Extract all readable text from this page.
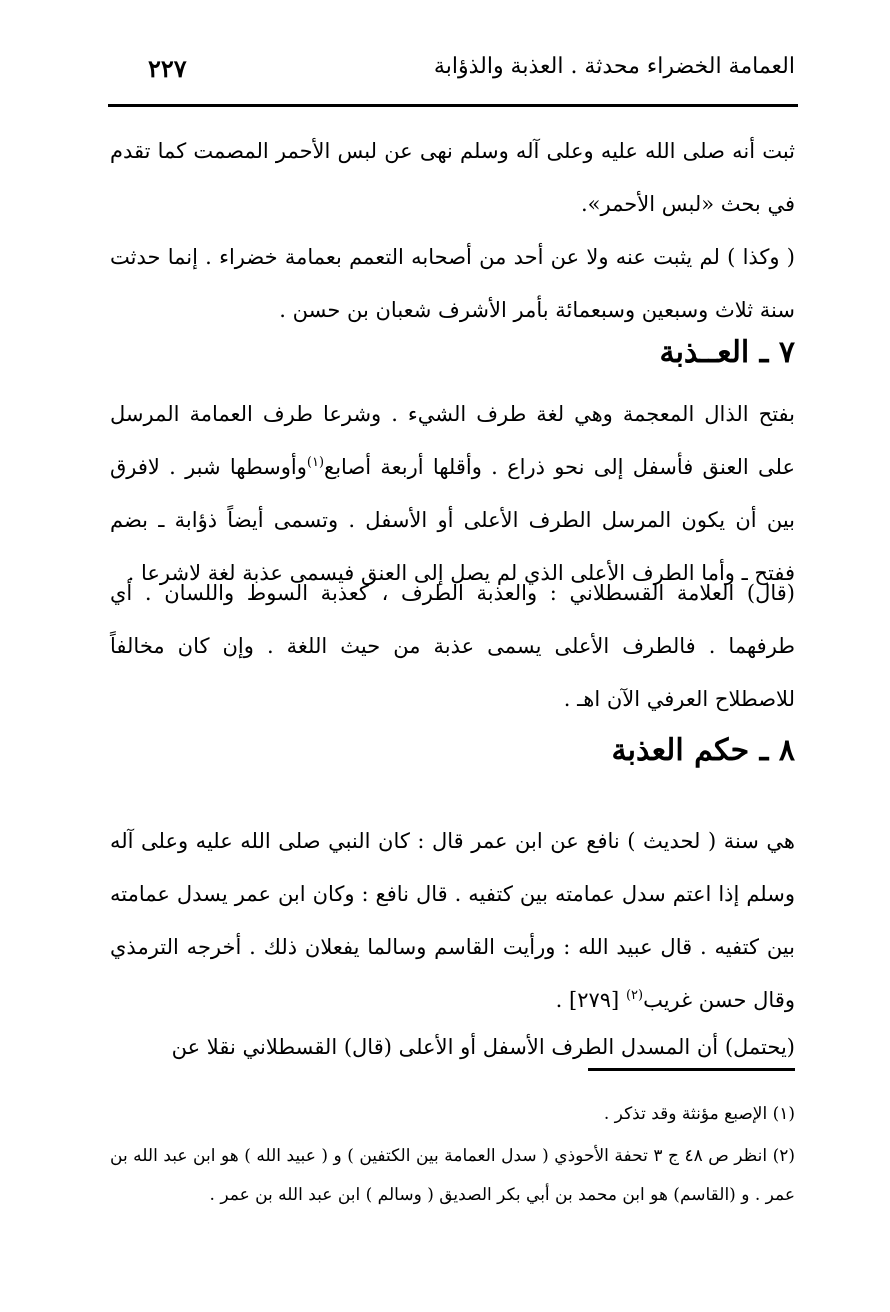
العمامة الخضراء محدثة . العذبة والذؤابة
٢٢٧
ثبت أنه صلى الله عليه وعلى آله وسلم نهى عن لبس الأحمر المصمت كما تقدم في بحث «لبس الأحمر».
( وكذا ) لم يثبت عنه ولا عن أحد من أصحابه التعمم بعمامة خضراء . إنما حدثت سنة ثلاث وسبعين وسبعمائة بأمر الأشرف شعبان بن حسن .
٧ ـ العــذبة
بفتح الذال المعجمة وهي لغة طرف الشيء . وشرعا طرف العمامة المرسل على العنق فأسفل إلى نحو ذراع . وأقلها أربعة أصابع$^{(١)}$وأوسطها شبر . لافرق بين أن يكون المرسل الطرف الأعلى أو الأسفل . وتسمى أيضاً ذؤابة ـ بضم ففتح ـ وأما الطرف الأعلى الذي لم يصل إلى العنق فيسمى عذبة لغة لاشرعا .
(قال) العلامة القسطلاني : والعذبة الطرف ، كعذبة السوط واللسان . أي طرفهما . فالطرف الأعلى يسمى عذبة من حيث اللغة . وإن كان مخالفاً للاصطلاح العرفي الآن اهـ .
٨ ـ حكم العذبة
هي سنة ( لحديث ) نافع عن ابن عمر قال : كان النبي صلى الله عليه وعلى آله وسلم إذا اعتم سدل عمامته بين كتفيه . قال نافع : وكان ابن عمر يسدل عمامته بين كتفيه . قال عبيد الله : ورأيت القاسم وسالما يفعلان ذلك . أخرجه الترمذي وقال حسن غريب$^{(٢)}$ [٢٧٩] .
(يحتمل) أن المسدل الطرف الأسفل أو الأعلى (قال) القسطلاني نقلا عن
(١) الإصبع مؤنثة وقد تذكر .
(٢) انظر ص ٤٨ ج ٣ تحفة الأحوذي ( سدل العمامة بين الكتفين ) و ( عبيد الله ) هو ابن عبد الله بن عمر . و (القاسم) هو ابن محمد بن أبي بكر الصديق ( وسالم ) ابن عبد الله بن عمر .
